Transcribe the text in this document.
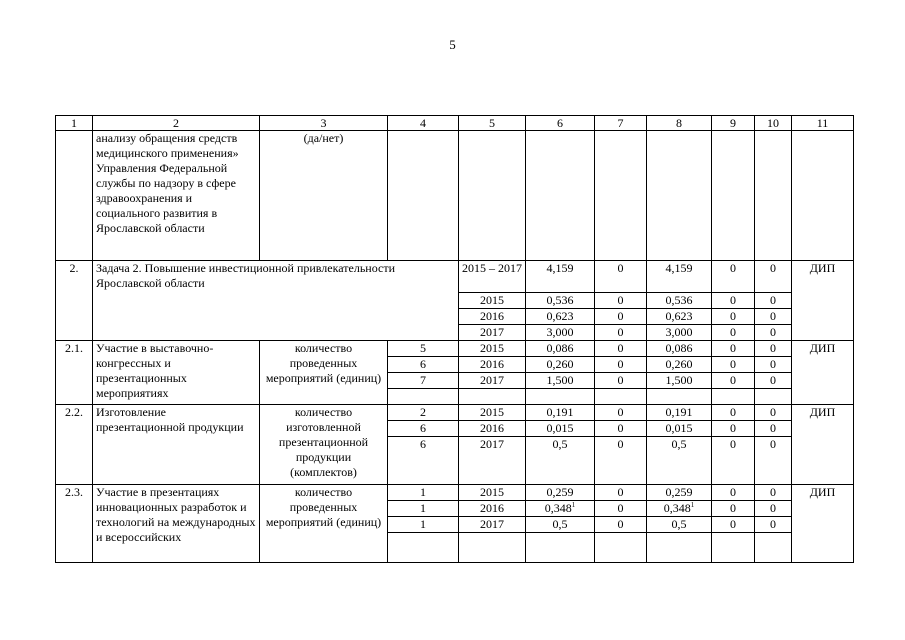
5
1	2	3	4	5	6	7	8	9	10	11
	анализу обращения средств медицинского применения» Управления Федеральной службы по надзору в сфере здравоохранения и социального развития в Ярославской области	(да/нет)								
2.	Задача 2. Повышение инвестиционной привлекательности Ярославской области			2015 – 2017	4,159	0	4,159	0	0	ДИП
				2015	0,536	0	0,536	0	0	
				2016	0,623	0	0,623	0	0	
				2017	3,000	0	3,000	0	0	
2.1.	Участие в выставочно-конгрессных и презентационных мероприятиях	количество проведенных мероприятий (единиц)	5	2015	0,086	0	0,086	0	0	ДИП
			6	2016	0,260	0	0,260	0	0	
			7	2017	1,500	0	1,500	0	0	

2.2.	Изготовление презентационной продукции	количество изготовленной презентационной продукции (комплектов)	2	2015	0,191	0	0,191	0	0	ДИП
			6	2016	0,015	0	0,015	0	0	
			6	2017	0,5	0	0,5	0	0	
2.3.	Участие в презентациях инновационных разработок и технологий на международных и всероссийских	количество проведенных мероприятий (единиц)	1	2015	0,259	0	0,259	0	0	ДИП
			1	2016	0,348$^1$	0	0,348$^1$	0	0	
			1	2017	0,5	0	0,5	0	0	
